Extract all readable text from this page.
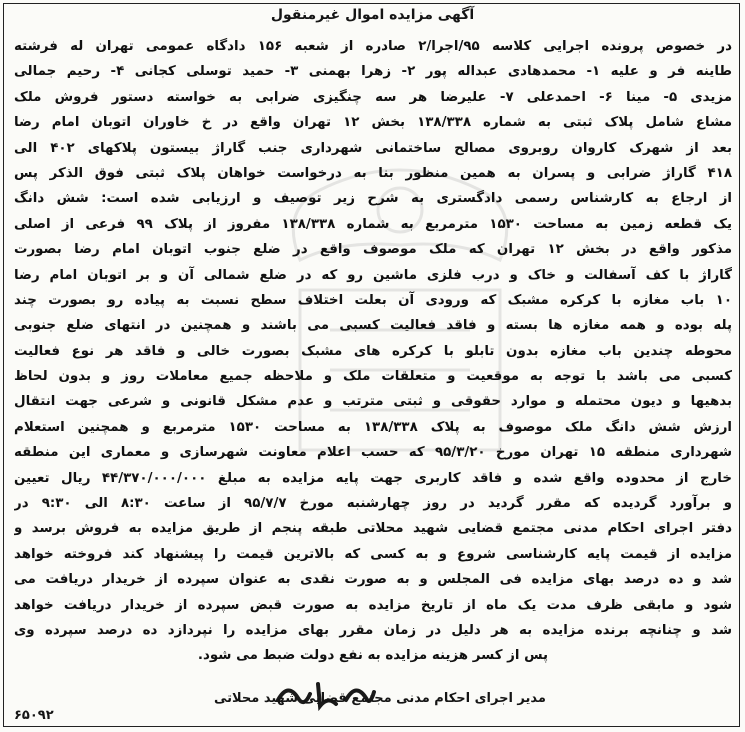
آگهی مزایده اموال غیرمنقول
در خصوص پرونده اجرایی کلاسه ۹۵/اجرا/۲ صادره از شعبه ۱۵۶ دادگاه عمومی تهران له فرشته
طاینه فر و علیه ۱- محمدهادی عبداله پور ۲- زهرا بهمنی ۳- حمید توسلی کجانی ۴- رحیم جمالی
مزیدی ۵- مینا ۶- احمدعلی ۷- علیرضا هر سه چنگیزی ضرابی به خواسته دستور فروش ملک
مشاع شامل پلاک ثبتی به شماره ۱۳۸/۳۳۸ بخش ۱۲ تهران واقع در خ خاوران اتوبان امام رضا
بعد از شهرک کاروان روبروی مصالح ساختمانی شهرداری جنب گاراژ بیستون پلاکهای ۴۰۲ الی
۴۱۸ گاراژ ضرابی و پسران به همین منظور بنا به درخواست خواهان پلاک ثبتی فوق الذکر پس
از ارجاع به کارشناس رسمی دادگستری به شرح زیر توصیف و ارزیابی شده است: شش دانگ
یک قطعه زمین به مساحت ۱۵۳۰ مترمربع به شماره ۱۳۸/۳۳۸ مفروز از پلاک ۹۹ فرعی از اصلی
مذکور واقع در بخش ۱۲ تهران که ملک موصوف واقع در ضلع جنوب اتوبان امام رضا بصورت
گاراژ با کف آسفالت و خاک و درب فلزی ماشین رو که در ضلع شمالی آن و بر اتوبان امام رضا
۱۰ باب مغازه با کرکره مشبک که ورودی آن بعلت اختلاف سطح نسبت به پیاده رو بصورت چند
پله بوده و همه مغازه ها بسته و فاقد فعالیت کسبی می باشند و همچنین در انتهای ضلع جنوبی
محوطه چندین باب مغازه بدون تابلو با کرکره های مشبک بصورت خالی و فاقد هر نوع فعالیت
کسبی می باشد با توجه به موقعیت و متعلقات ملک و ملاحظه جمیع معاملات روز و بدون لحاظ
بدهیها و دیون محتمله و موارد حقوقی و ثبتی مترتب و عدم مشکل قانونی و شرعی جهت انتقال
ارزش شش دانگ ملک موصوف به پلاک ۱۳۸/۳۳۸ به مساحت ۱۵۳۰ مترمربع و همچنین استعلام
شهرداری منطقه ۱۵ تهران مورخ ۹۵/۳/۲۰ که حسب اعلام معاونت شهرسازی و معماری این منطقه
خارج از محدوده واقع شده و فاقد کاربری جهت پایه مزایده به مبلغ ۴۴/۳۷۰/۰۰۰/۰۰۰ ریال تعیین
و برآورد گردیده که مقرر گردید در روز چهارشنبه مورخ ۹۵/۷/۷ از ساعت ۸:۳۰ الی ۹:۳۰ در
دفتر اجرای احکام مدنی مجتمع قضایی شهید محلاتی طبقه پنجم از طریق مزایده به فروش برسد و
مزایده از قیمت پایه کارشناسی شروع و به کسی که بالاترین قیمت را پیشنهاد کند فروخته خواهد
شد و ده درصد بهای مزایده فی المجلس و به صورت نقدی به عنوان سپرده از خریدار دریافت می
شود و مابقی ظرف مدت یک ماه از تاریخ مزایده به صورت قبض سپرده از خریدار دریافت خواهد
شد و چنانچه برنده مزایده به هر دلیل در زمان مقرر بهای مزایده را نپردازد ده درصد سپرده وی
پس از کسر هزینه مزایده به نفع دولت ضبط می شود.
مدیر اجرای احکام مدنی مجتمع قضایی شهید محلاتی
۶۵۰۹۲
